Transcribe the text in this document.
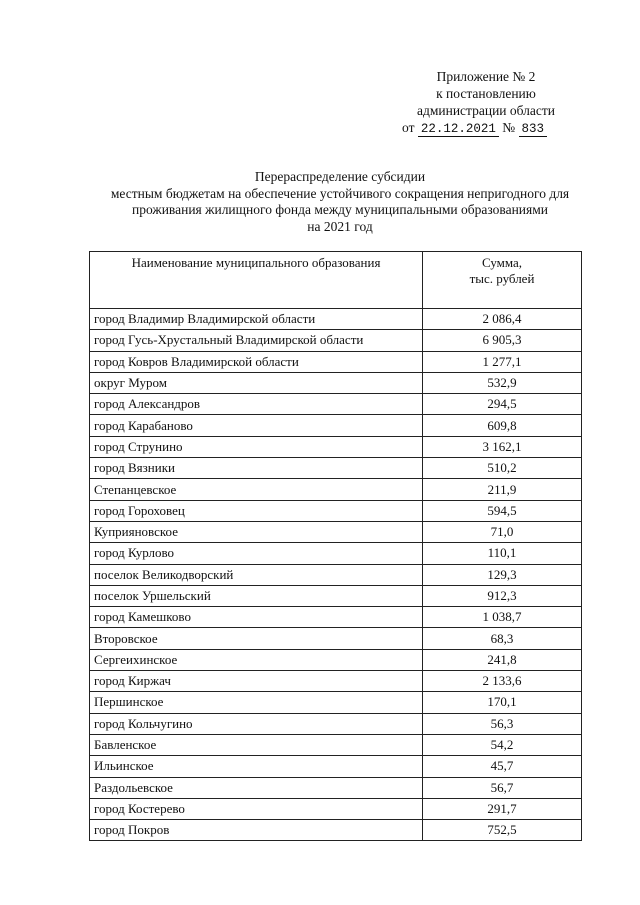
Приложение № 2
к постановлению
администрации области
от 22.12.2021 № 833
Перераспределение субсидии
местным бюджетам на обеспечение устойчивого сокращения непригодного для
проживания жилищного фонда между муниципальными образованиями
на 2021 год
Наименование муниципального образования	Сумма,
тыс. рублей

город Владимир Владимирской области	2 086,4
город Гусь-Хрустальный Владимирской области	6 905,3
город Ковров Владимирской области	1 277,1
округ Муром	532,9
город Александров	294,5
город Карабаново	609,8
город Струнино	3 162,1
город Вязники	510,2
Степанцевское	211,9
город Гороховец	594,5
Куприяновское	71,0
город Курлово	110,1
поселок Великодворский	129,3
поселок Уршельский	912,3
город Камешково	1 038,7
Второвское	68,3
Сергеихинское	241,8
город Киржач	2 133,6
Першинское	170,1
город Кольчугино	56,3
Бавленское	54,2
Ильинское	45,7
Раздольевское	56,7
город Костерево	291,7
город Покров	752,5
